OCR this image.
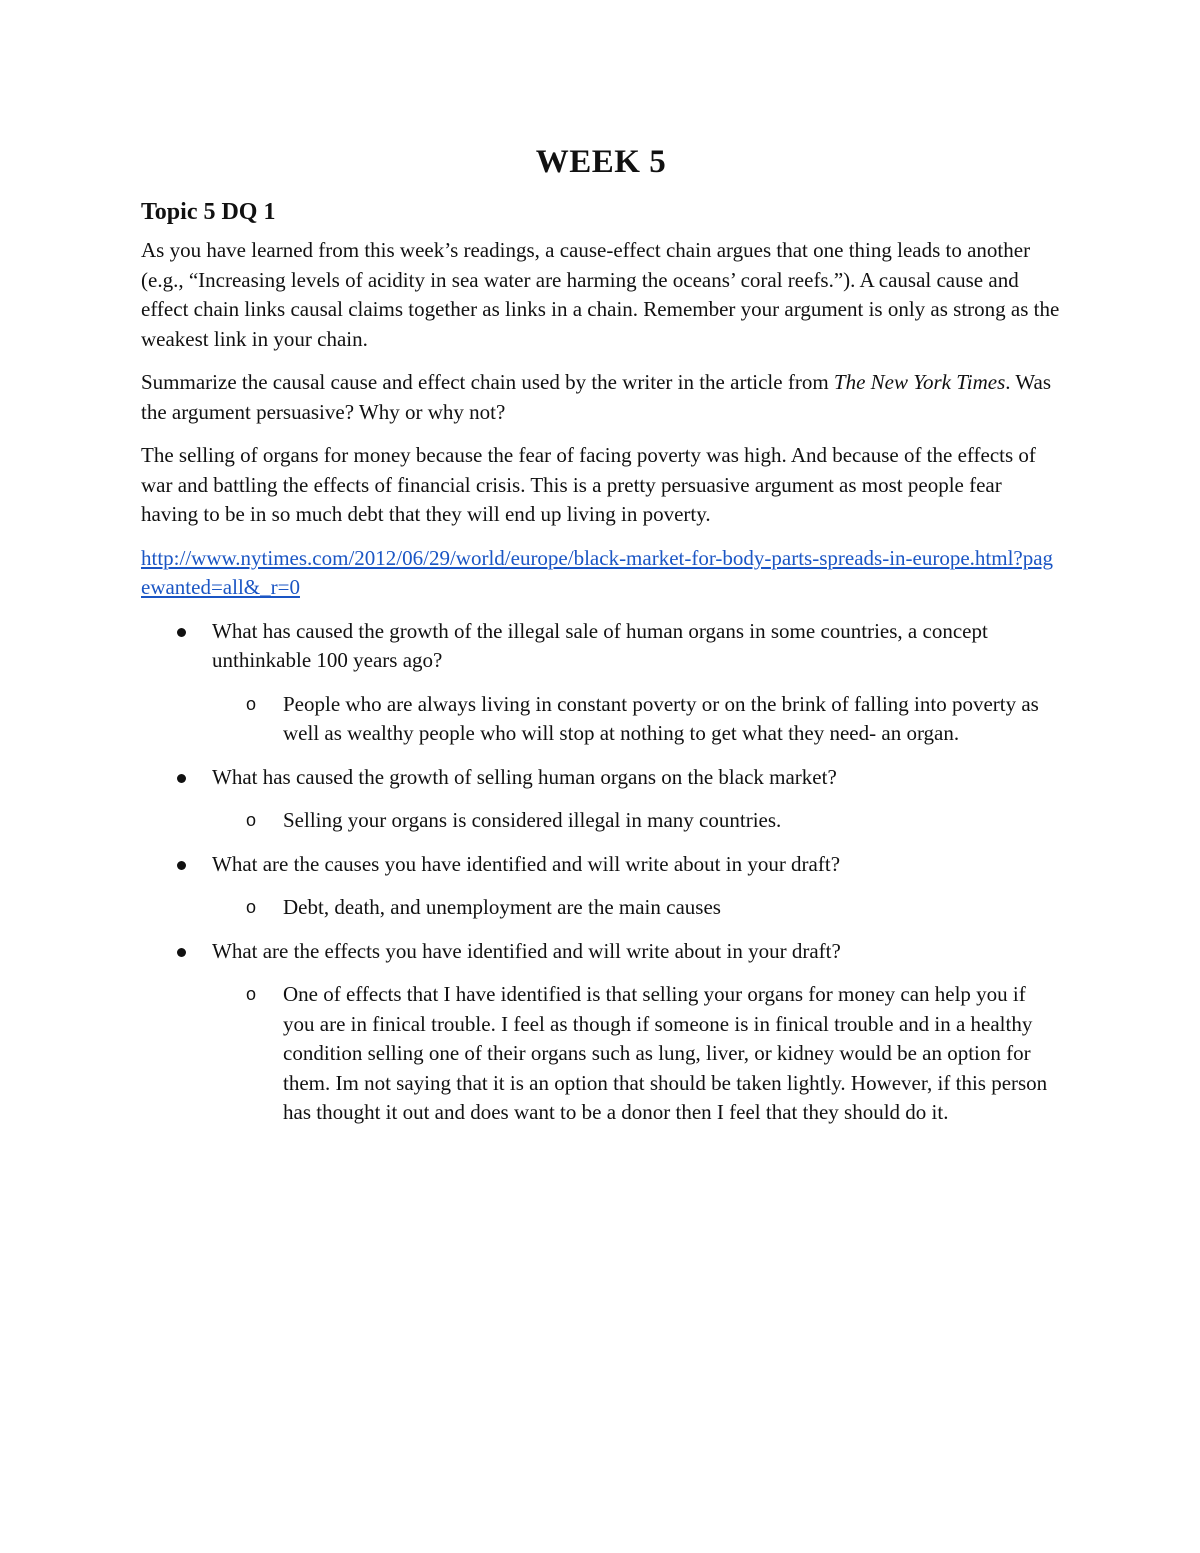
WEEK 5
Topic 5 DQ 1

As you have learned from this week’s readings, a cause-effect chain argues that one thing leads to another (e.g., “Increasing levels of acidity in sea water are harming the oceans’ coral reefs.”). A causal cause and effect chain links causal claims together as links in a chain. Remember your argument is only as strong as the weakest link in your chain.

Summarize the causal cause and effect chain used by the writer in the article from The New York Times. Was the argument persuasive? Why or why not?

The selling of organs for money because the fear of facing poverty was high. And because of the effects of war and battling the effects of financial crisis. This is a pretty persuasive argument as most people fear having to be in so much debt that they will end up living in poverty.

http://www.nytimes.com/2012/06/29/world/europe/black-market-for-body-parts-spreads-in-europe.html?pagewanted=all&_r=0

What has caused the growth of the illegal sale of human organs in some countries, a concept unthinkable 100 years ago?
o People who are always living in constant poverty or on the brink of falling into poverty as well as wealthy people who will stop at nothing to get what they need- an organ.
What has caused the growth of selling human organs on the black market?
o Selling your organs is considered illegal in many countries.
What are the causes you have identified and will write about in your draft?
o Debt, death, and unemployment are the main causes
What are the effects you have identified and will write about in your draft?
o One of effects that I have identified is that selling your organs for money can help you if you are in finical trouble. I feel as though if someone is in finical trouble and in a healthy condition selling one of their organs such as lung, liver, or kidney would be an option for them. Im not saying that it is an option that should be taken lightly. However, if this person has thought it out and does want to be a donor then I feel that they should do it.
